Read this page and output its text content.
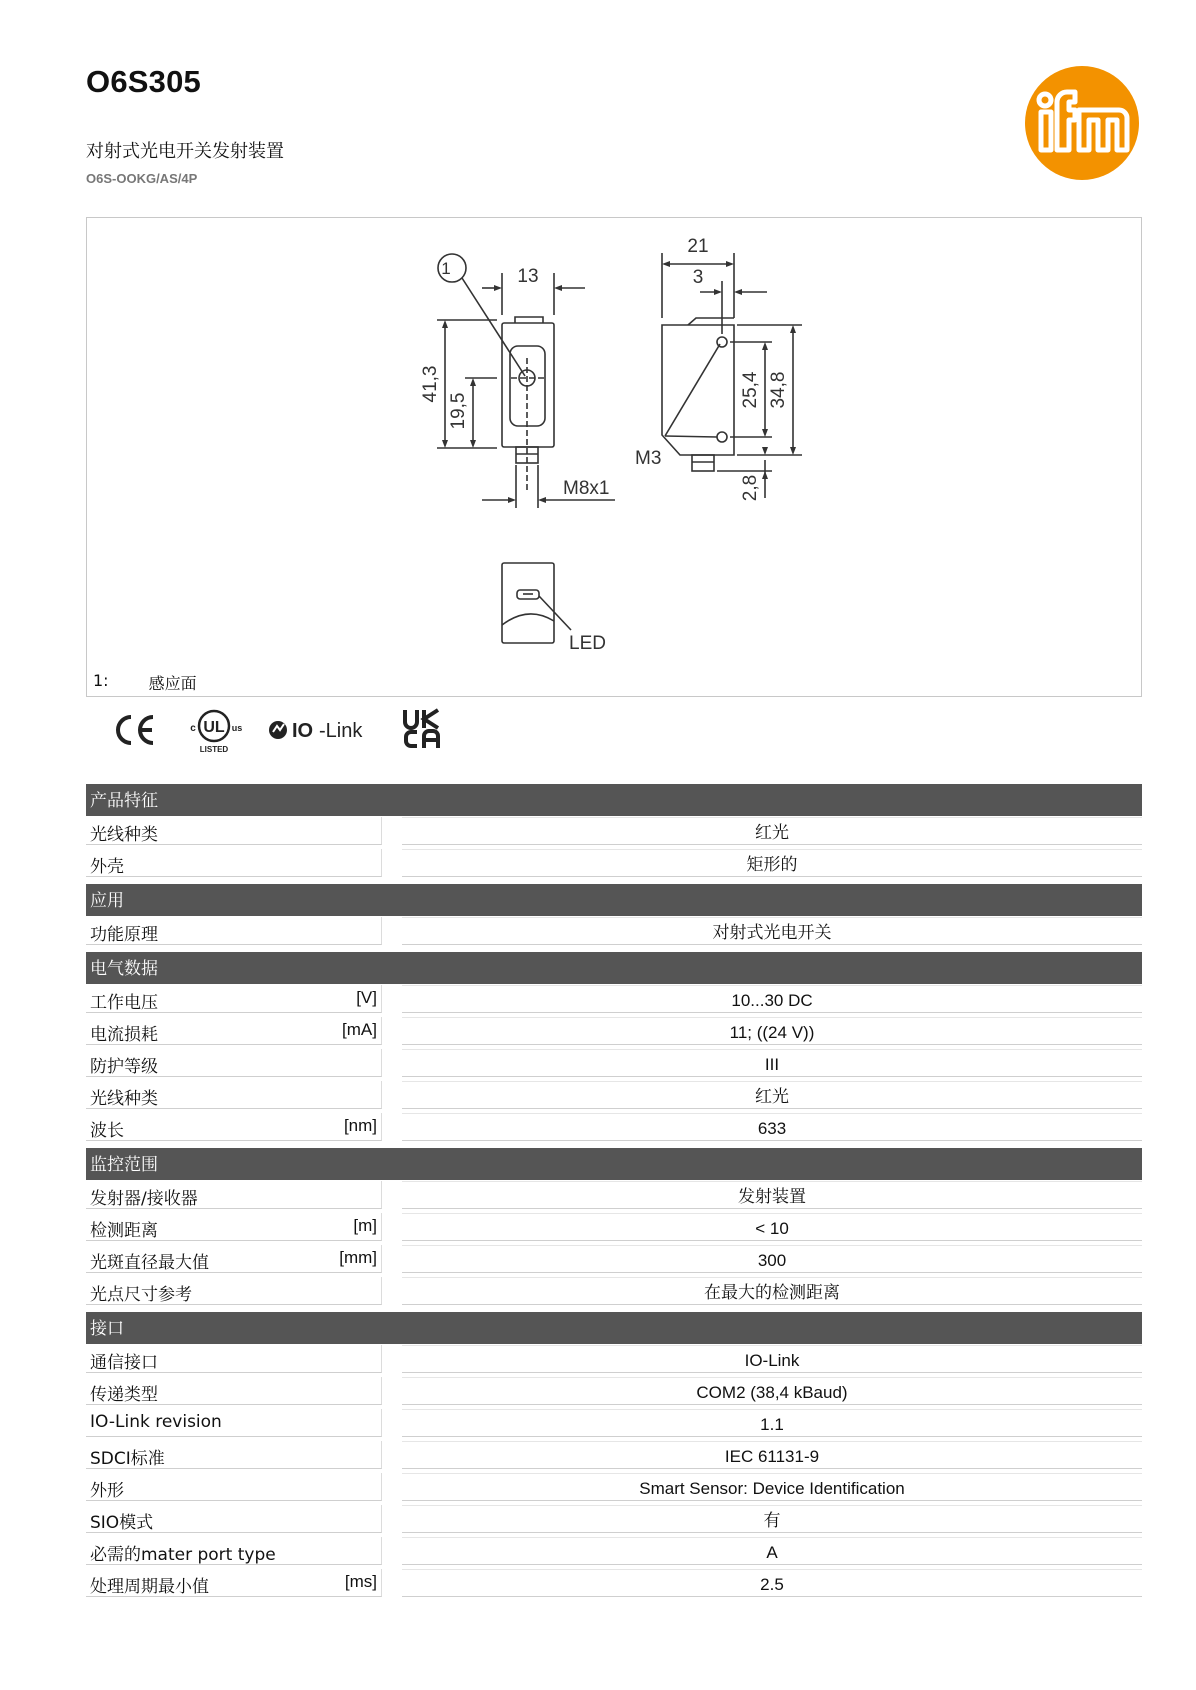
O6S305
对射式光电开关发射装置
O6S-OOKG/AS/4P
1	13
41,3
19,5
M8x1
21
3
25,4 34,8
2,8
M3
LED
1:	感应面
UL
c	us
LISTED
IO -Link
产品特征
光线种类	红光
外壳	矩形的
应用
功能原理	对射式光电开关
电气数据
工作电压	[V]	10...30 DC
电流损耗	[mA]	11; ((24 V))
防护等级	III
光线种类	红光
波长	[nm]	633
监控范围
发射器/接收器	发射装置
检测距离	[m]	< 10
光斑直径最大值	[mm]	300
光点尺寸参考	在最大的检测距离
接口
通信接口	IO-Link
传递类型	COM2 (38,4 kBaud)
IO-Link revision	1.1
SDCI标准	IEC 61131-9
外形	Smart Sensor: Device Identification
SIO模式	有
必需的mater port type	A
处理周期最小值	[ms]	2.5
